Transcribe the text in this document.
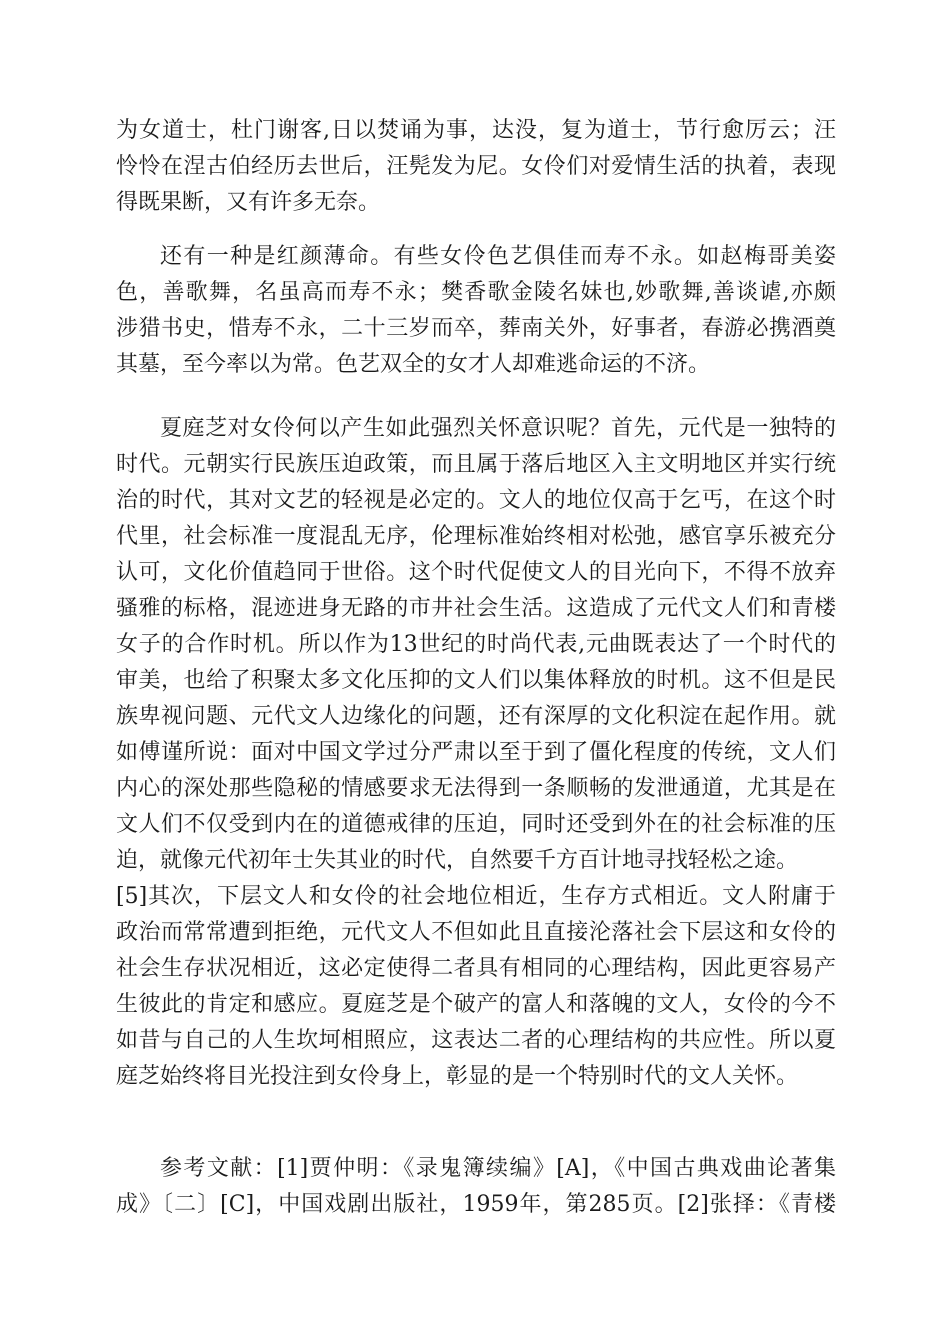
为女道士，杜门谢客,日以焚诵为事，达没，复为道士，节行愈厉云；汪
怜怜在涅古伯经历去世后，汪髡发为尼。女伶们对爱情生活的执着，表现
得既果断，又有许多无奈。
还有一种是红颜薄命。有些女伶色艺俱佳而寿不永。如赵梅哥美姿
色，善歌舞，名虽高而寿不永；樊香歌金陵名妹也,妙歌舞,善谈谑,亦颇
涉猎书史，惜寿不永，二十三岁而卒，葬南关外，好事者，春游必携酒奠
其墓，至今率以为常。色艺双全的女才人却难逃命运的不济。
夏庭芝对女伶何以产生如此强烈关怀意识呢？首先，元代是一独特的
时代。元朝实行民族压迫政策，而且属于落后地区入主文明地区并实行统
治的时代，其对文艺的轻视是必定的。文人的地位仅高于乞丐，在这个时
代里，社会标准一度混乱无序，伦理标准始终相对松弛，感官享乐被充分
认可，文化价值趋同于世俗。这个时代促使文人的目光向下，不得不放弃
骚雅的标格，混迹进身无路的市井社会生活。这造成了元代文人们和青楼
女子的合作时机。所以作为13世纪的时尚代表,元曲既表达了一个时代的
审美，也给了积聚太多文化压抑的文人们以集体释放的时机。这不但是民
族卑视问题、元代文人边缘化的问题，还有深厚的文化积淀在起作用。就
如傅谨所说：面对中国文学过分严肃以至于到了僵化程度的传统，文人们
内心的深处那些隐秘的情感要求无法得到一条顺畅的发泄通道，尤其是在
文人们不仅受到内在的道德戒律的压迫，同时还受到外在的社会标准的压
迫，就像元代初年士失其业的时代，自然要千方百计地寻找轻松之途。
[5]其次，下层文人和女伶的社会地位相近，生存方式相近。文人附庸于
政治而常常遭到拒绝，元代文人不但如此且直接沦落社会下层这和女伶的
社会生存状况相近，这必定使得二者具有相同的心理结构，因此更容易产
生彼此的肯定和感应。夏庭芝是个破产的富人和落魄的文人，女伶的今不
如昔与自己的人生坎坷相照应，这表达二者的心理结构的共应性。所以夏
庭芝始终将目光投注到女伶身上，彰显的是一个特别时代的文人关怀。
参考文献：[1]贾仲明：《录鬼簿续编》[A]，《中国古典戏曲论著集
成》〔二〕[C]，中国戏剧出版社，1959年，第285页。[2]张择：《青楼
